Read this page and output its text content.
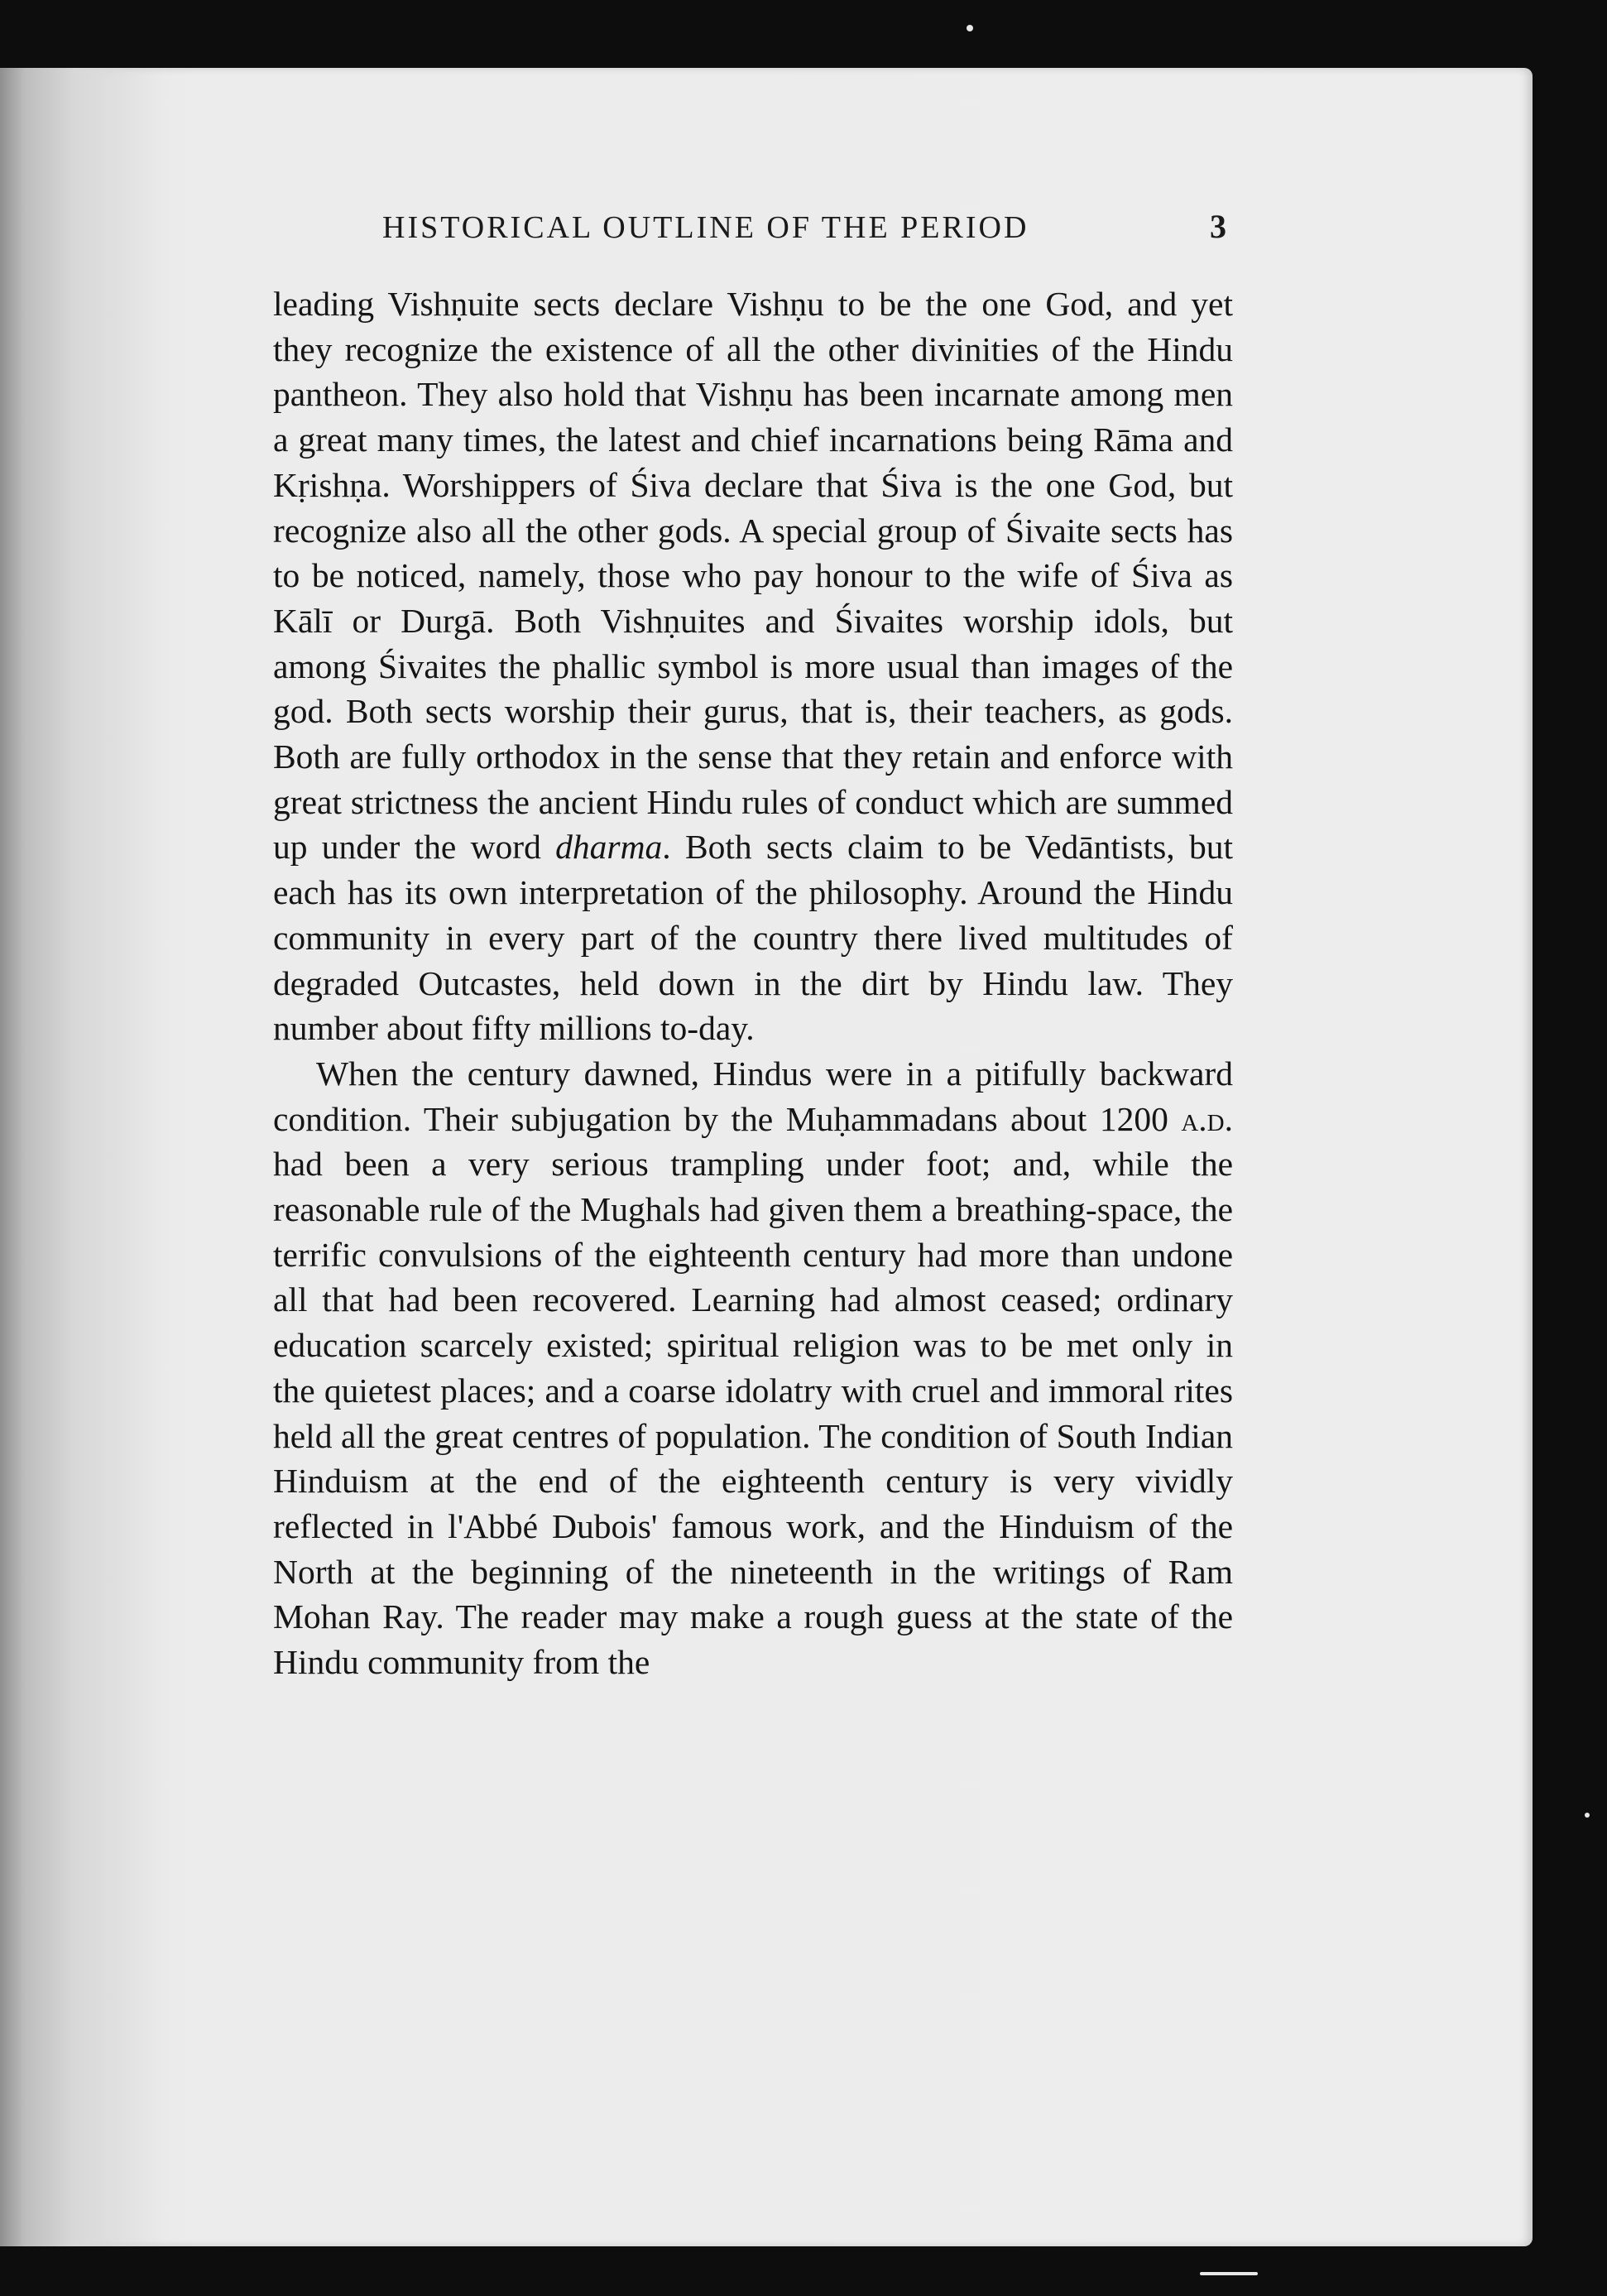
HISTORICAL OUTLINE OF THE PERIOD	3

leading Vishṇuite sects declare Vishṇu to be the one God, and yet they recognize the existence of all the other divinities of the Hindu pantheon. They also hold that Vishṇu has been incarnate among men a great many times, the latest and chief incarnations being Rāma and Kṛishṇa. Worshippers of Śiva declare that Śiva is the one God, but recognize also all the other gods. A special group of Śivaite sects has to be noticed, namely, those who pay honour to the wife of Śiva as Kālī or Durgā. Both Vishṇuites and Śivaites worship idols, but among Śivaites the phallic symbol is more usual than images of the god. Both sects worship their gurus, that is, their teachers, as gods. Both are fully orthodox in the sense that they retain and enforce with great strictness the ancient Hindu rules of conduct which are summed up under the word dharma. Both sects claim to be Vedāntists, but each has its own interpretation of the philosophy. Around the Hindu community in every part of the country there lived multitudes of degraded Outcastes, held down in the dirt by Hindu law. They number about fifty millions to-day.

When the century dawned, Hindus were in a pitifully backward condition. Their subjugation by the Muḥammadans about 1200 a.d. had been a very serious trampling under foot; and, while the reasonable rule of the Mughals had given them a breathing-space, the terrific convulsions of the eighteenth century had more than undone all that had been recovered. Learning had almost ceased; ordinary education scarcely existed; spiritual religion was to be met only in the quietest places; and a coarse idolatry with cruel and immoral rites held all the great centres of population. The condition of South Indian Hinduism at the end of the eighteenth century is very vividly reflected in l'Abbé Dubois' famous work, and the Hinduism of the North at the beginning of the nineteenth in the writings of Ram Mohan Ray. The reader may make a rough guess at the state of the Hindu community from the
